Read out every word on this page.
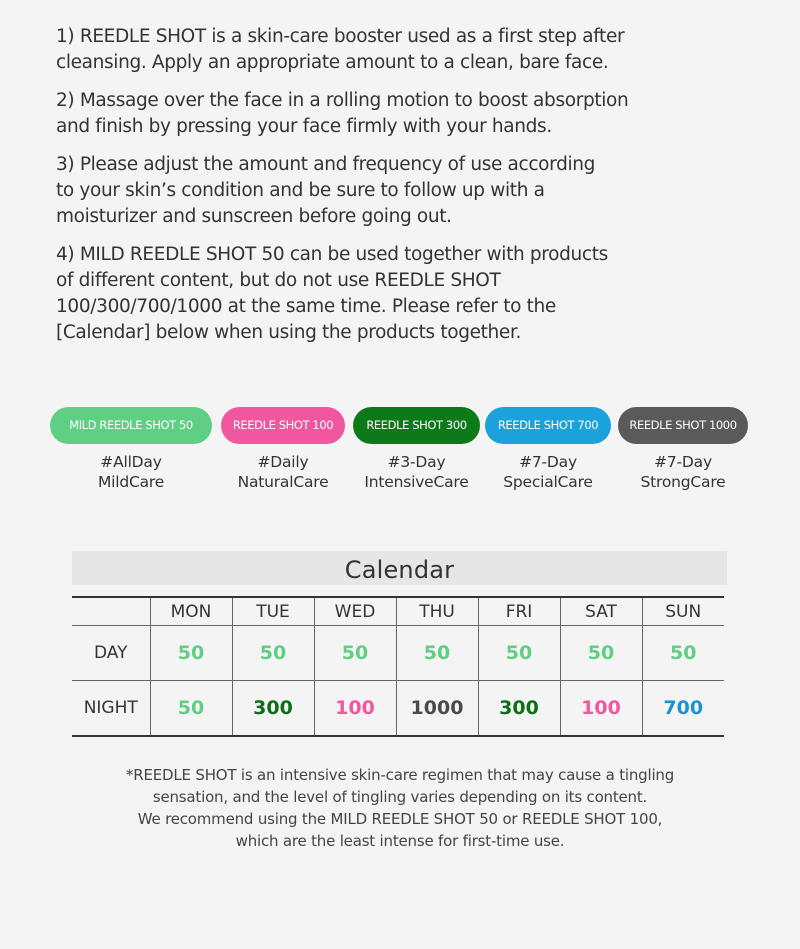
1) REEDLE SHOT is a skin-care booster used as a first step after
cleansing. Apply an appropriate amount to a clean, bare face.

2) Massage over the face in a rolling motion to boost absorption
and finish by pressing your face firmly with your hands.

3) Please adjust the amount and frequency of use according
to your skin’s condition and be sure to follow up with a
moisturizer and sunscreen before going out.

4) MILD REEDLE SHOT 50 can be used together with products
of different content, but do not use REEDLE SHOT
100/300/700/1000 at the same time. Please refer to the
[Calendar] below when using the products together.

MILD REEDLE SHOT 50
#AllDay
MildCare
REEDLE SHOT 100
#Daily
NaturalCare
REEDLE SHOT 300
#3-Day
IntensiveCare
REEDLE SHOT 700
#7-Day
SpecialCare
REEDLE SHOT 1000
#7-Day
StrongCare
Calendar
	MON	TUE	WED	THU	FRI	SAT	SUN
DAY	50	50	50	50	50	50	50
NIGHT	50	300	100	1000	300	100	700
*REEDLE SHOT is an intensive skin-care regimen that may cause a tingling
sensation, and the level of tingling varies depending on its content.
We recommend using the MILD REEDLE SHOT 50 or REEDLE SHOT 100,
which are the least intense for first-time use.
